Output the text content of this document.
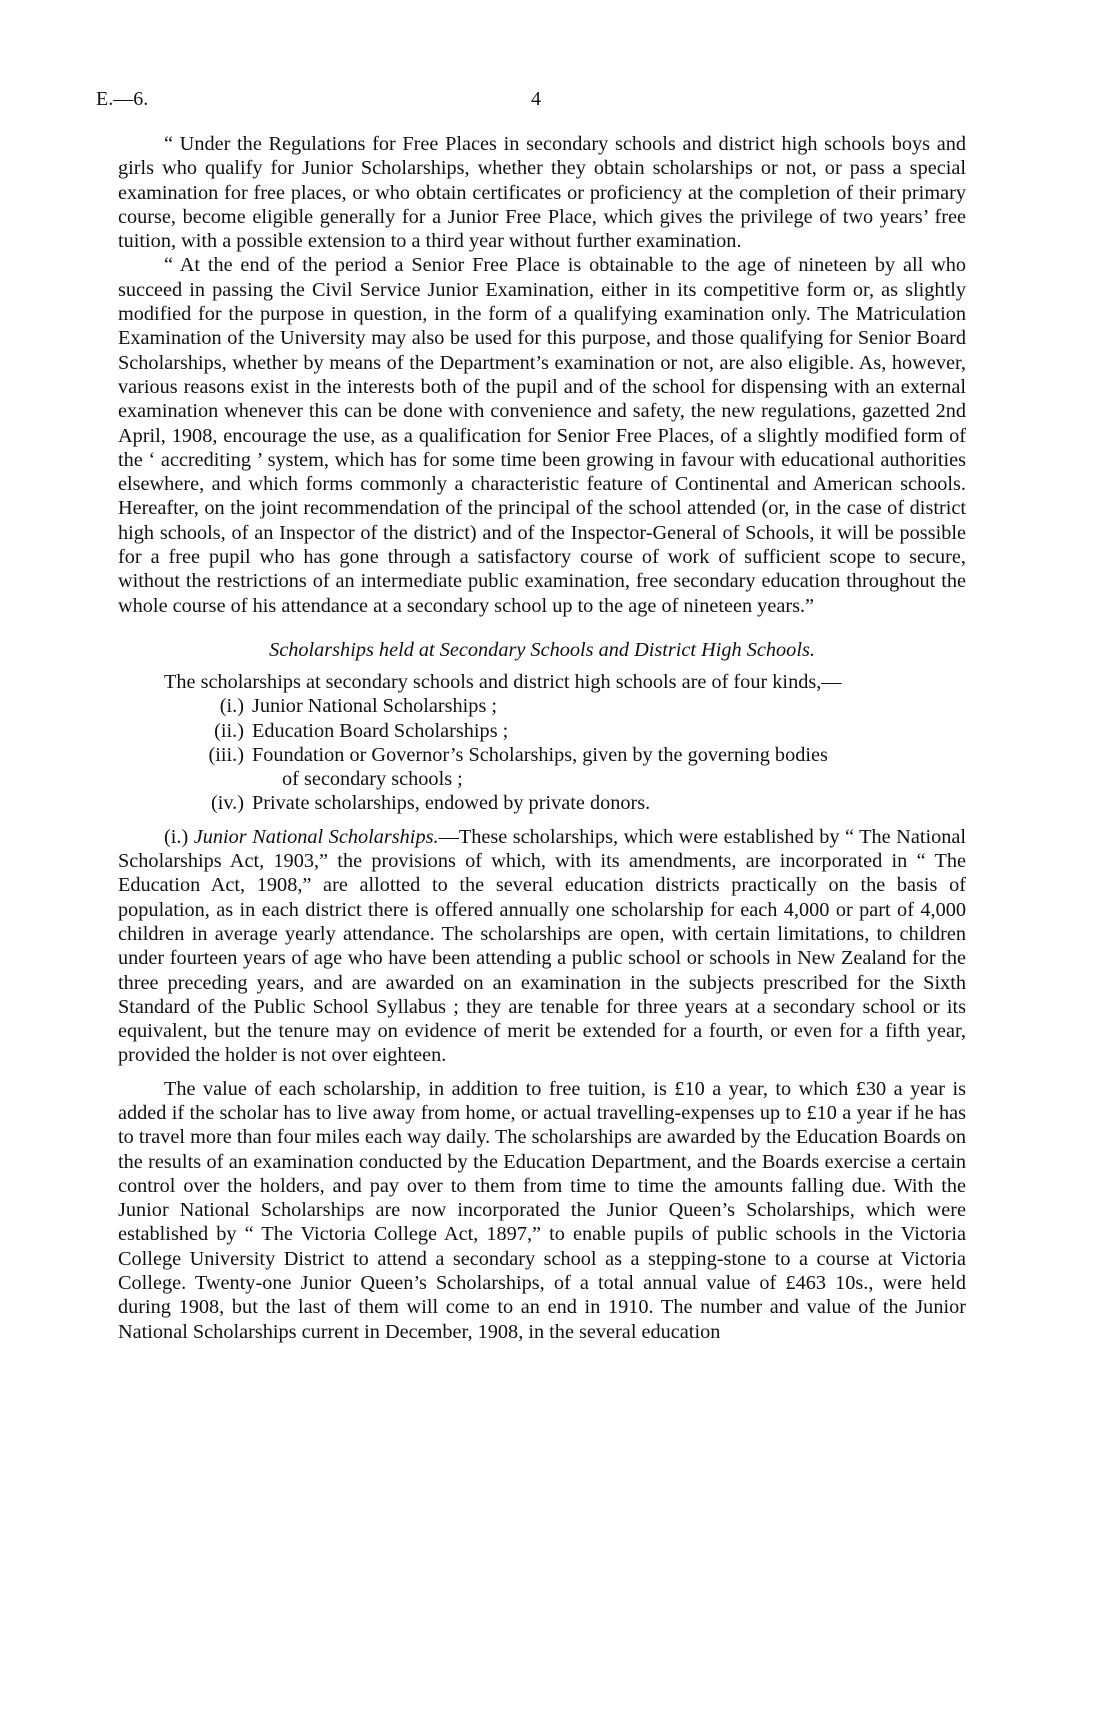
E.—6.	4

“ Under the Regulations for Free Places in secondary schools and district high schools boys and girls who qualify for Junior Scholarships, whether they obtain scholarships or not, or pass a special examination for free places, or who obtain certificates or proficiency at the completion of their primary course, become eligible generally for a Junior Free Place, which gives the privilege of two years’ free tuition, with a possible extension to a third year without further examination.

“ At the end of the period a Senior Free Place is obtainable to the age of nineteen by all who succeed in passing the Civil Service Junior Examination, either in its competitive form or, as slightly modified for the purpose in question, in the form of a qualifying examination only. The Matriculation Examination of the University may also be used for this purpose, and those qualifying for Senior Board Scholarships, whether by means of the Department’s examination or not, are also eligible. As, however, various reasons exist in the interests both of the pupil and of the school for dispensing with an external examination whenever this can be done with convenience and safety, the new regulations, gazetted 2nd April, 1908, encourage the use, as a qualification for Senior Free Places, of a slightly modified form of the ‘ accrediting ’ system, which has for some time been growing in favour with educational authorities elsewhere, and which forms commonly a characteristic feature of Continental and American schools. Hereafter, on the joint recommendation of the principal of the school attended (or, in the case of district high schools, of an Inspector of the district) and of the Inspector-General of Schools, it will be possible for a free pupil who has gone through a satisfactory course of work of sufficient scope to secure, without the restrictions of an intermediate public examination, free secondary education throughout the whole course of his attendance at a secondary school up to the age of nineteen years.”

Scholarships held at Secondary Schools and District High Schools.

The scholarships at secondary schools and district high schools are of four kinds,—

(i.) Junior National Scholarships ;
(ii.) Education Board Scholarships ;
(iii.) Foundation or Governor’s Scholarships, given by the governing bodies
of secondary schools ;
(iv.) Private scholarships, endowed by private donors.

(i.) Junior National Scholarships.—These scholarships, which were established by “ The National Scholarships Act, 1903,” the provisions of which, with its amendments, are incorporated in “ The Education Act, 1908,” are allotted to the several education districts practically on the basis of population, as in each district there is offered annually one scholarship for each 4,000 or part of 4,000 children in average yearly attendance. The scholarships are open, with certain limitations, to children under fourteen years of age who have been attending a public school or schools in New Zealand for the three preceding years, and are awarded on an examination in the subjects prescribed for the Sixth Standard of the Public School Syllabus ; they are tenable for three years at a secondary school or its equivalent, but the tenure may on evidence of merit be extended for a fourth, or even for a fifth year, provided the holder is not over eighteen.

The value of each scholarship, in addition to free tuition, is £10 a year, to which £30 a year is added if the scholar has to live away from home, or actual travelling-expenses up to £10 a year if he has to travel more than four miles each way daily. The scholarships are awarded by the Education Boards on the results of an examination conducted by the Education Department, and the Boards exercise a certain control over the holders, and pay over to them from time to time the amounts falling due. With the Junior National Scholarships are now incorporated the Junior Queen’s Scholarships, which were established by “ The Victoria College Act, 1897,” to enable pupils of public schools in the Victoria College University District to attend a secondary school as a stepping-stone to a course at Victoria College. Twenty-one Junior Queen’s Scholarships, of a total annual value of £463 10s., were held during 1908, but the last of them will come to an end in 1910. The number and value of the Junior National Scholarships current in December, 1908, in the several education
